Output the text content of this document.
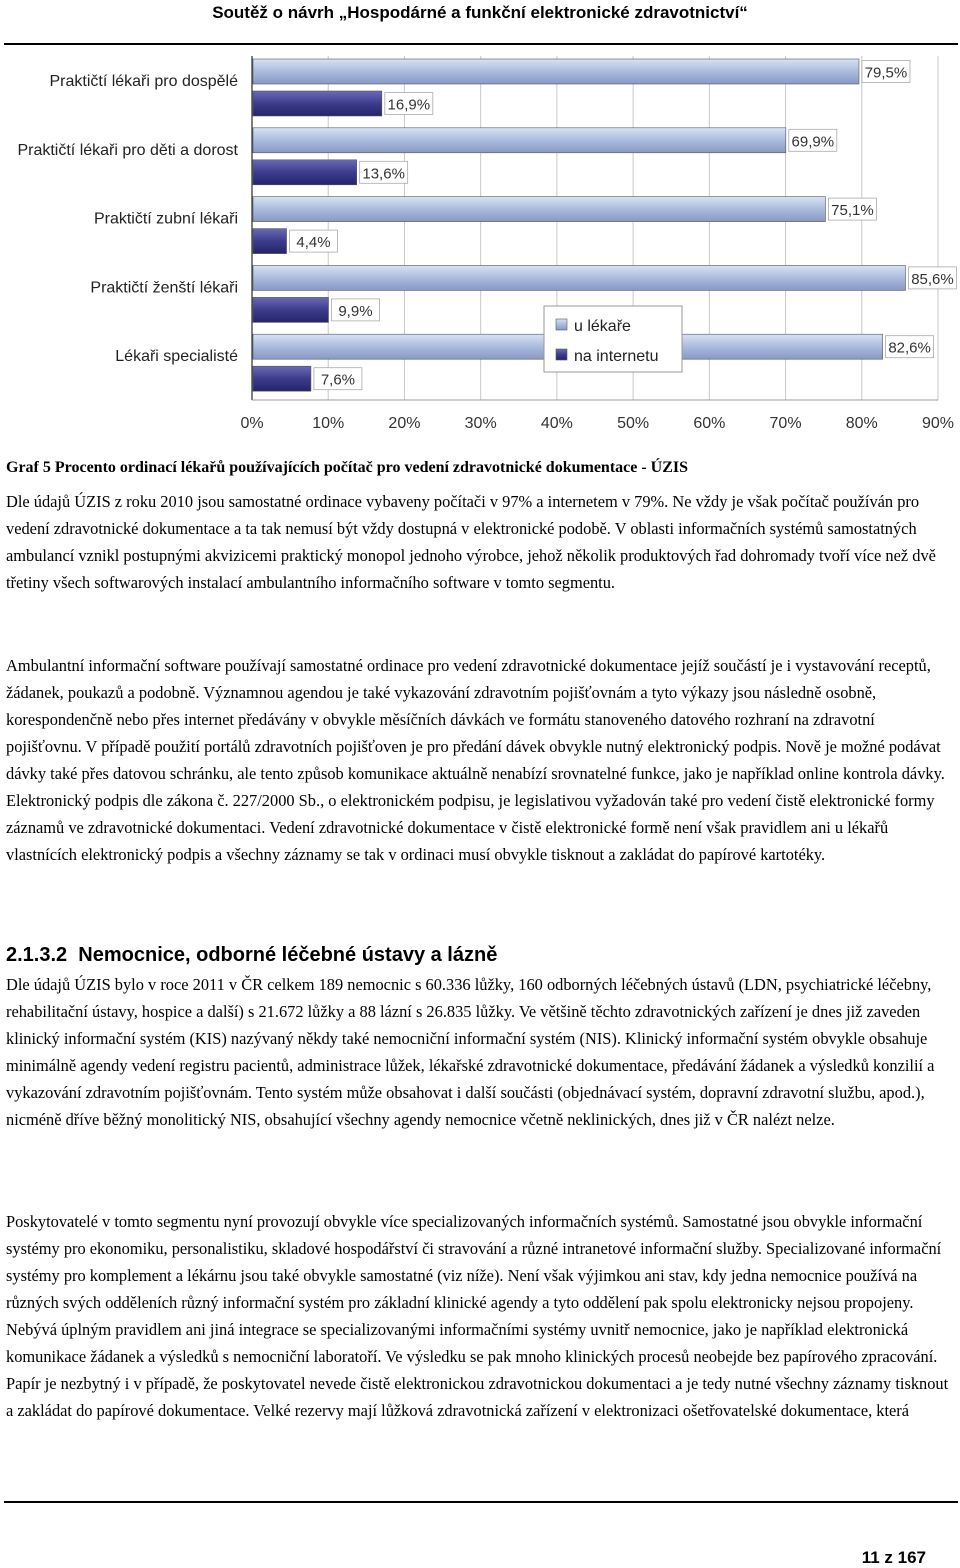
Soutěž o návrh „Hospodárné a funkční elektronické zdravotnictví“
79,5%
16,9%
69,9%
13,6%
75,1%
4,4%
85,6%
9,9%
82,6%
7,6%
Praktičtí lékaři pro dospělé
Praktičtí lékaři pro děti a dorost
Praktičtí zubní lékaři
Praktičtí ženští lékaři
Lékaři specialisté
0%	10%	20%	30%	40%	50%	60%	70%	80%	90%
u lékaře
na internetu
Graf 5 Procento ordinací lékařů používajících počítač pro vedení zdravotnické dokumentace - ÚZIS

Dle údajů ÚZIS z roku 2010 jsou samostatné ordinace vybaveny počítači v 97% a internetem v 79%. Ne vždy je však počítač používán pro vedení zdravotnické dokumentace a ta tak nemusí být vždy dostupná v elektronické podobě. V oblasti informačních systémů samostatných ambulancí vznikl postupnými akvizicemi praktický monopol jednoho výrobce, jehož několik produktových řad dohromady tvoří více než dvě třetiny všech softwarových instalací ambulantního informačního software v tomto segmentu.

Ambulantní informační software používají samostatné ordinace pro vedení zdravotnické dokumentace jejíž součástí je i vystavování receptů, žádanek, poukazů a podobně. Významnou agendou je také vykazování zdravotním pojišťovnám a tyto výkazy jsou následně osobně, korespondenčně nebo přes internet předávány v obvykle měsíčních dávkách ve formátu stanoveného datového rozhraní na zdravotní pojišťovnu. V případě použití portálů zdravotních pojišťoven je pro předání dávek obvykle nutný elektronický podpis. Nově je možné podávat dávky také přes datovou schránku, ale tento způsob komunikace aktuálně nenabízí srovnatelné funkce, jako je například online kontrola dávky. Elektronický podpis dle zákona č. 227/2000 Sb., o elektronickém podpisu, je legislativou vyžadován také pro vedení čistě elektronické formy záznamů ve zdravotnické dokumentaci. Vedení zdravotnické dokumentace v čistě elektronické formě není však pravidlem ani u lékařů vlastnících elektronický podpis a všechny záznamy se tak v ordinaci musí obvykle tisknout a zakládat do papírové kartotéky.

2.1.3.2 Nemocnice, odborné léčebné ústavy a lázně

Dle údajů ÚZIS bylo v roce 2011 v ČR celkem 189 nemocnic s 60.336 lůžky, 160 odborných léčebných ústavů (LDN, psychiatrické léčebny, rehabilitační ústavy, hospice a další) s 21.672 lůžky a 88 lázní s 26.835 lůžky. Ve většině těchto zdravotnických zařízení je dnes již zaveden klinický informační systém (KIS) nazývaný někdy také nemocniční informační systém (NIS). Klinický informační systém obvykle obsahuje minimálně agendy vedení registru pacientů, administrace lůžek, lékařské zdravotnické dokumentace, předávání žádanek a výsledků konzilií a vykazování zdravotním pojišťovnám. Tento systém může obsahovat i další součásti (objednávací systém, dopravní zdravotní službu, apod.), nicméně dříve běžný monolitický NIS, obsahující všechny agendy nemocnice včetně neklinických, dnes již v ČR nalézt nelze.

Poskytovatelé v tomto segmentu nyní provozují obvykle více specializovaných informačních systémů. Samostatné jsou obvykle informační systémy pro ekonomiku, personalistiku, skladové hospodářství či stravování a různé intranetové informační služby. Specializované informační systémy pro komplement a lékárnu jsou také obvykle samostatné (viz níže). Není však výjimkou ani stav, kdy jedna nemocnice používá na různých svých odděleních různý informační systém pro základní klinické agendy a tyto oddělení pak spolu elektronicky nejsou propojeny. Nebývá úplným pravidlem ani jiná integrace se specializovanými informačními systémy uvnitř nemocnice, jako je například elektronická komunikace žádanek a výsledků s nemocniční laboratoří. Ve výsledku se pak mnoho klinických procesů neobejde bez papírového zpracování. Papír je nezbytný i v případě, že poskytovatel nevede čistě elektronickou zdravotnickou dokumentaci a je tedy nutné všechny záznamy tisknout a zakládat do papírové dokumentace. Velké rezervy mají lůžková zdravotnická zařízení v elektronizaci ošetřovatelské dokumentace, která

11 z 167
